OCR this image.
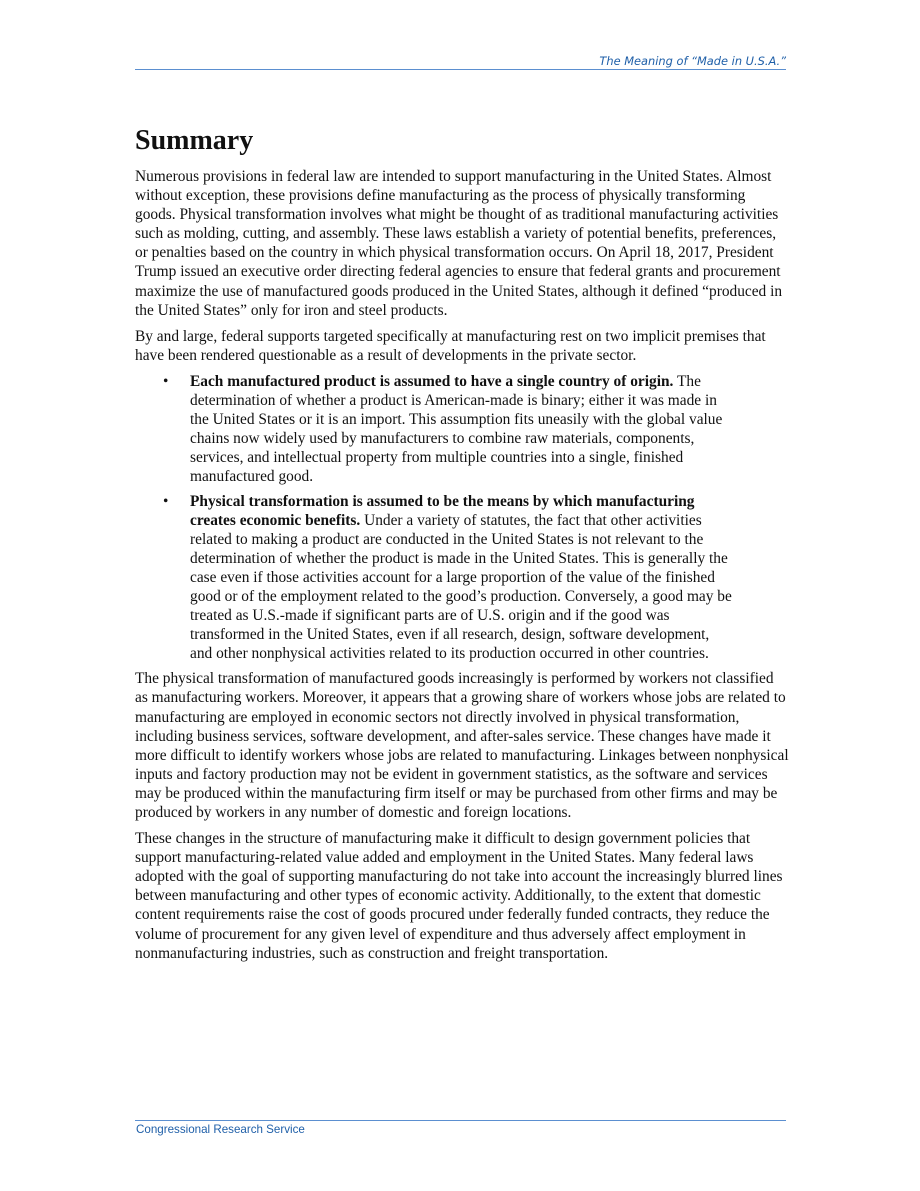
The Meaning of “Made in U.S.A.”
Summary

Numerous provisions in federal law are intended to support manufacturing in the United States. Almost without exception, these provisions define manufacturing as the process of physically transforming goods. Physical transformation involves what might be thought of as traditional manufacturing activities such as molding, cutting, and assembly. These laws establish a variety of potential benefits, preferences, or penalties based on the country in which physical transformation occurs. On April 18, 2017, President Trump issued an executive order directing federal agencies to ensure that federal grants and procurement maximize the use of manufactured goods produced in the United States, although it defined “produced in the United States” only for iron and steel products.

By and large, federal supports targeted specifically at manufacturing rest on two implicit premises that have been rendered questionable as a result of developments in the private sector.

• Each manufactured product is assumed to have a single country of origin. The determination of whether a product is American-made is binary; either it was made in the United States or it is an import. This assumption fits uneasily with the global value chains now widely used by manufacturers to combine raw materials, components, services, and intellectual property from multiple countries into a single, finished manufactured good.
• Physical transformation is assumed to be the means by which manufacturing creates economic benefits. Under a variety of statutes, the fact that other activities related to making a product are conducted in the United States is not relevant to the determination of whether the product is made in the United States. This is generally the case even if those activities account for a large proportion of the value of the finished good or of the employment related to the good’s production. Conversely, a good may be treated as U.S.-made if significant parts are of U.S. origin and if the good was transformed in the United States, even if all research, design, software development, and other nonphysical activities related to its production occurred in other countries.

The physical transformation of manufactured goods increasingly is performed by workers not classified as manufacturing workers. Moreover, it appears that a growing share of workers whose jobs are related to manufacturing are employed in economic sectors not directly involved in physical transformation, including business services, software development, and after-sales service. These changes have made it more difficult to identify workers whose jobs are related to manufacturing. Linkages between nonphysical inputs and factory production may not be evident in government statistics, as the software and services may be produced within the manufacturing firm itself or may be purchased from other firms and may be produced by workers in any number of domestic and foreign locations.

These changes in the structure of manufacturing make it difficult to design government policies that support manufacturing-related value added and employment in the United States. Many federal laws adopted with the goal of supporting manufacturing do not take into account the increasingly blurred lines between manufacturing and other types of economic activity. Additionally, to the extent that domestic content requirements raise the cost of goods procured under federally funded contracts, they reduce the volume of procurement for any given level of expenditure and thus adversely affect employment in nonmanufacturing industries, such as construction and freight transportation.

Congressional Research Service
